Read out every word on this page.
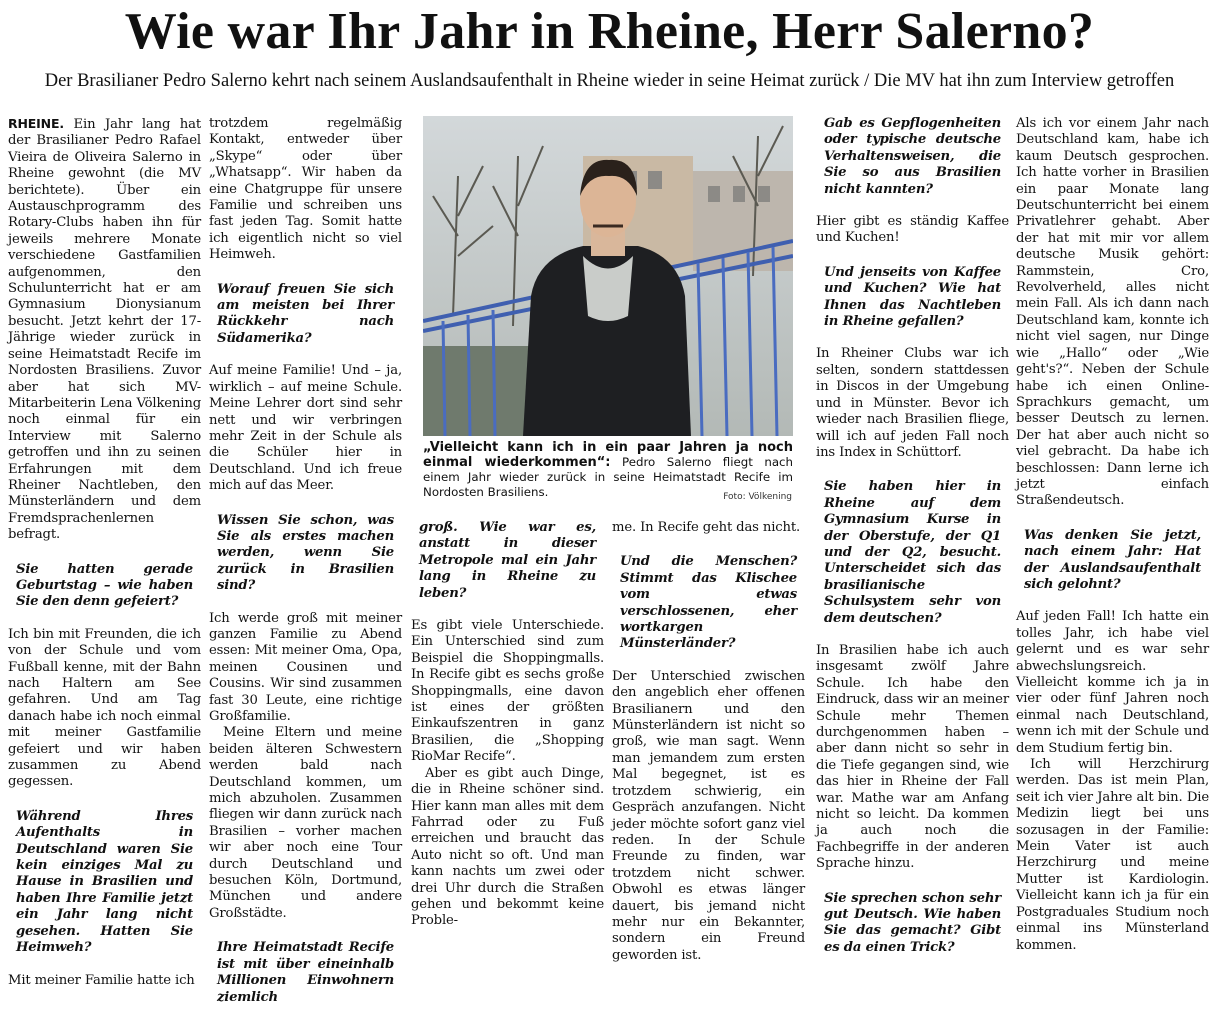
Wie war Ihr Jahr in Rheine, Herr Salerno?

Der Brasilianer Pedro Salerno kehrt nach seinem Auslandsaufenthalt in Rheine wieder in seine Heimat zurück / Die MV hat ihn zum Interview getroffen

RHEINE. Ein Jahr lang hat der Brasilianer Pedro Rafael Vieira de Oliveira Salerno in Rheine gewohnt (die MV berichtete). Über ein Austauschprogramm des Rotary-Clubs haben ihn für jeweils mehrere Monate verschiedene Gastfamilien aufgenommen, den Schulunterricht hat er am Gymnasium Dionysianum besucht. Jetzt kehrt der 17-Jährige wieder zurück in seine Heimatstadt Recife im Nordosten Brasiliens. Zuvor aber hat sich MV-Mitarbeiterin Lena Völkening noch einmal für ein Interview mit Salerno getroffen und ihn zu seinen Erfahrungen mit dem Rheiner Nachtleben, den Münsterländern und dem Fremdsprachenlernen befragt.

Sie hatten gerade Geburtstag – wie haben Sie den denn gefeiert?

Ich bin mit Freunden, die ich von der Schule und vom Fußball kenne, mit der Bahn nach Haltern am See gefahren. Und am Tag danach habe ich noch einmal mit meiner Gastfamilie gefeiert und wir haben zusammen zu Abend gegessen.

Während Ihres Aufenthalts in Deutschland waren Sie kein einziges Mal zu Hause in Brasilien und haben Ihre Familie jetzt ein Jahr lang nicht gesehen. Hatten Sie Heimweh?

Mit meiner Familie hatte ich

trotzdem regelmäßig Kontakt, entweder über „Skype“ oder über „Whatsapp“. Wir haben da eine Chatgruppe für unsere Familie und schreiben uns fast jeden Tag. Somit hatte ich eigentlich nicht so viel Heimweh.

Worauf freuen Sie sich am meisten bei Ihrer Rückkehr nach Südamerika?

Auf meine Familie! Und – ja, wirklich – auf meine Schule. Meine Lehrer dort sind sehr nett und wir verbringen mehr Zeit in der Schule als die Schüler hier in Deutschland. Und ich freue mich auf das Meer.

Wissen Sie schon, was Sie als erstes machen werden, wenn Sie zurück in Brasilien sind?

Ich werde groß mit meiner ganzen Familie zu Abend essen: Mit meiner Oma, Opa, meinen Cousinen und Cousins. Wir sind zusammen fast 30 Leute, eine richtige Großfamilie.

Meine Eltern und meine beiden älteren Schwestern werden bald nach Deutschland kommen, um mich abzuholen. Zusammen fliegen wir dann zurück nach Brasilien – vorher machen wir aber noch eine Tour durch Deutschland und besuchen Köln, Dortmund, München und andere Großstädte.

Ihre Heimatstadt Recife ist mit über eineinhalb Millionen Einwohnern ziemlich

„Vielleicht kann ich in ein paar Jahren ja noch einmal wiederkommen“: Pedro Salerno fliegt nach einem Jahr wieder zurück in seine Heimatstadt Recife im Nordosten Brasiliens.	Foto: Völkening

groß. Wie war es, anstatt in dieser Metropole mal ein Jahr lang in Rheine zu leben?

Es gibt viele Unterschiede. Ein Unterschied sind zum Beispiel die Shoppingmalls. In Recife gibt es sechs große Shoppingmalls, eine davon ist eines der größten Einkaufszentren in ganz Brasilien, die „Shopping RioMar Recife“.

Aber es gibt auch Dinge, die in Rheine schöner sind. Hier kann man alles mit dem Fahrrad oder zu Fuß erreichen und braucht das Auto nicht so oft. Und man kann nachts um zwei oder drei Uhr durch die Straßen gehen und bekommt keine Proble-

me. In Recife geht das nicht.

Und die Menschen? Stimmt das Klischee vom etwas verschlossenen, eher wortkargen Münsterländer?

Der Unterschied zwischen den angeblich eher offenen Brasilianern und den Münsterländern ist nicht so groß, wie man sagt. Wenn man jemandem zum ersten Mal begegnet, ist es trotzdem schwierig, ein Gespräch anzufangen. Nicht jeder möchte sofort ganz viel reden. In der Schule Freunde zu finden, war trotzdem nicht schwer. Obwohl es etwas länger dauert, bis jemand nicht mehr nur ein Bekannter, sondern ein Freund geworden ist.

Gab es Gepflogenheiten oder typische deutsche Verhaltensweisen, die Sie so aus Brasilien nicht kannten?

Hier gibt es ständig Kaffee und Kuchen!

Und jenseits von Kaffee und Kuchen? Wie hat Ihnen das Nachtleben in Rheine gefallen?

In Rheiner Clubs war ich selten, sondern stattdessen in Discos in der Umgebung und in Münster. Bevor ich wieder nach Brasilien fliege, will ich auf jeden Fall noch ins Index in Schüttorf.

Sie haben hier in Rheine auf dem Gymnasium Kurse in der Oberstufe, der Q1 und der Q2, besucht. Unterscheidet sich das brasilianische Schulsystem sehr von dem deutschen?

In Brasilien habe ich auch insgesamt zwölf Jahre Schule. Ich habe den Eindruck, dass wir an meiner Schule mehr Themen durchgenommen haben – aber dann nicht so sehr in die Tiefe gegangen sind, wie das hier in Rheine der Fall war. Mathe war am Anfang nicht so leicht. Da kommen ja auch noch die Fachbegriffe in der anderen Sprache hinzu.

Sie sprechen schon sehr gut Deutsch. Wie haben Sie das gemacht? Gibt es da einen Trick?

Als ich vor einem Jahr nach Deutschland kam, habe ich kaum Deutsch gesprochen. Ich hatte vorher in Brasilien ein paar Monate lang Deutschunterricht bei einem Privatlehrer gehabt. Aber der hat mit mir vor allem deutsche Musik gehört: Rammstein, Cro, Revolverheld, alles nicht mein Fall. Als ich dann nach Deutschland kam, konnte ich nicht viel sagen, nur Dinge wie „Hallo“ oder „Wie geht's?“. Neben der Schule habe ich einen Online-Sprachkurs gemacht, um besser Deutsch zu lernen. Der hat aber auch nicht so viel gebracht. Da habe ich beschlossen: Dann lerne ich jetzt einfach Straßendeutsch.

Was denken Sie jetzt, nach einem Jahr: Hat der Auslandsaufenthalt sich gelohnt?

Auf jeden Fall! Ich hatte ein tolles Jahr, ich habe viel gelernt und es war sehr abwechslungsreich. Vielleicht komme ich ja in vier oder fünf Jahren noch einmal nach Deutschland, wenn ich mit der Schule und dem Studium fertig bin.

Ich will Herzchirurg werden. Das ist mein Plan, seit ich vier Jahre alt bin. Die Medizin liegt bei uns sozusagen in der Familie: Mein Vater ist auch Herzchirurg und meine Mutter ist Kardiologin. Vielleicht kann ich ja für ein Postgraduales Studium noch einmal ins Münsterland kommen.
